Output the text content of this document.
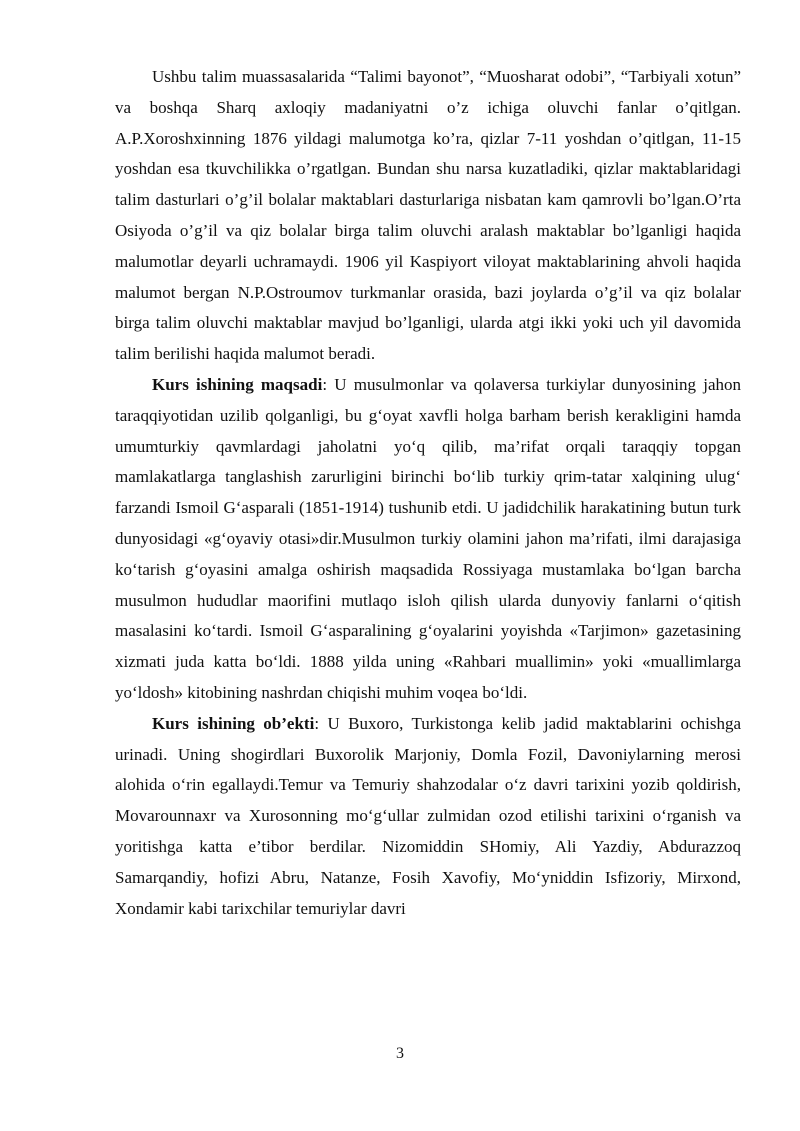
Ushbu talim muassasalarida “Talimi bayonot”, “Muosharat odobi”, “Tarbiyali xotun” va boshqa Sharq axloqiy madaniyatni o’z ichiga oluvchi fanlar o’qitlgan. A.P.Xoroshxinning 1876 yildagi malumotga ko’ra, qizlar 7-11 yoshdan o’qitlgan, 11-15 yoshdan esa tkuvchilikka o’rgatlgan. Bundan shu narsa kuzatladiki, qizlar maktablaridagi talim dasturlari o’g’il bolalar maktablari dasturlariga nisbatan kam qamrovli bo’lgan.O’rta Osiyoda o’g’il va qiz bolalar birga talim oluvchi aralash maktablar bo’lganligi haqida malumotlar deyarli uchramaydi. 1906 yil Kaspiyort viloyat maktablarining ahvoli haqida malumot bergan N.P.Ostroumov turkmanlar orasida, bazi joylarda o’g’il va qiz bolalar birga talim oluvchi maktablar mavjud bo’lganligi, ularda atgi ikki yoki uch yil davomida talim berilishi haqida malumot beradi.

Kurs ishining maqsadi: U musulmonlar va qolaversa turkiylar dunyosining jahon taraqqiyotidan uzilib qolganligi, bu g‘oyat xavfli holga barham berish kerakligini hamda umumturkiy qavmlardagi jaholatni yo‘q qilib, ma’rifat orqali taraqqiy topgan mamlakatlarga tanglashish zarurligini birinchi bo‘lib turkiy qrim-tatar xalqining ulug‘ farzandi Ismoil G‘asparali (1851-1914) tushunib etdi. U jadidchilik harakatining butun turk dunyosidagi «g‘oyaviy otasi»dir.Musulmon turkiy olamini jahon ma’rifati, ilmi darajasiga ko‘tarish g‘oyasini amalga oshirish maqsadida Rossiyaga mustamlaka bo‘lgan barcha musulmon hududlar maorifini mutlaqo isloh qilish ularda dunyoviy fanlarni o‘qitish masalasini ko‘tardi. Ismoil G‘asparalining g‘oyalarini yoyishda «Tarjimon» gazetasining xizmati juda katta bo‘ldi. 1888 yilda uning «Rahbari muallimin» yoki «muallimlarga yo‘ldosh» kitobining nashrdan chiqishi muhim voqea bo‘ldi.

Kurs ishining ob’ekti: U Buxoro, Turkistonga kelib jadid maktablarini ochishga urinadi. Uning shogirdlari Buxorolik Marjoniy, Domla Fozil, Davoniylarning merosi alohida o‘rin egallaydi.Temur va Temuriy shahzodalar o‘z davri tarixini yozib qoldirish, Movarounnaxr va Xurosonning mo‘g‘ullar zulmidan ozod etilishi tarixini o‘rganish va yoritishga katta e’tibor berdilar. Nizomiddin SHomiy, Ali Yazdiy, Abdurazzoq Samarqandiy, hofizi Abru, Natanze, Fosih Xavofiy, Mo‘yniddin Isfizoriy, Mirxond, Xondamir kabi tarixchilar temuriylar davri

3
